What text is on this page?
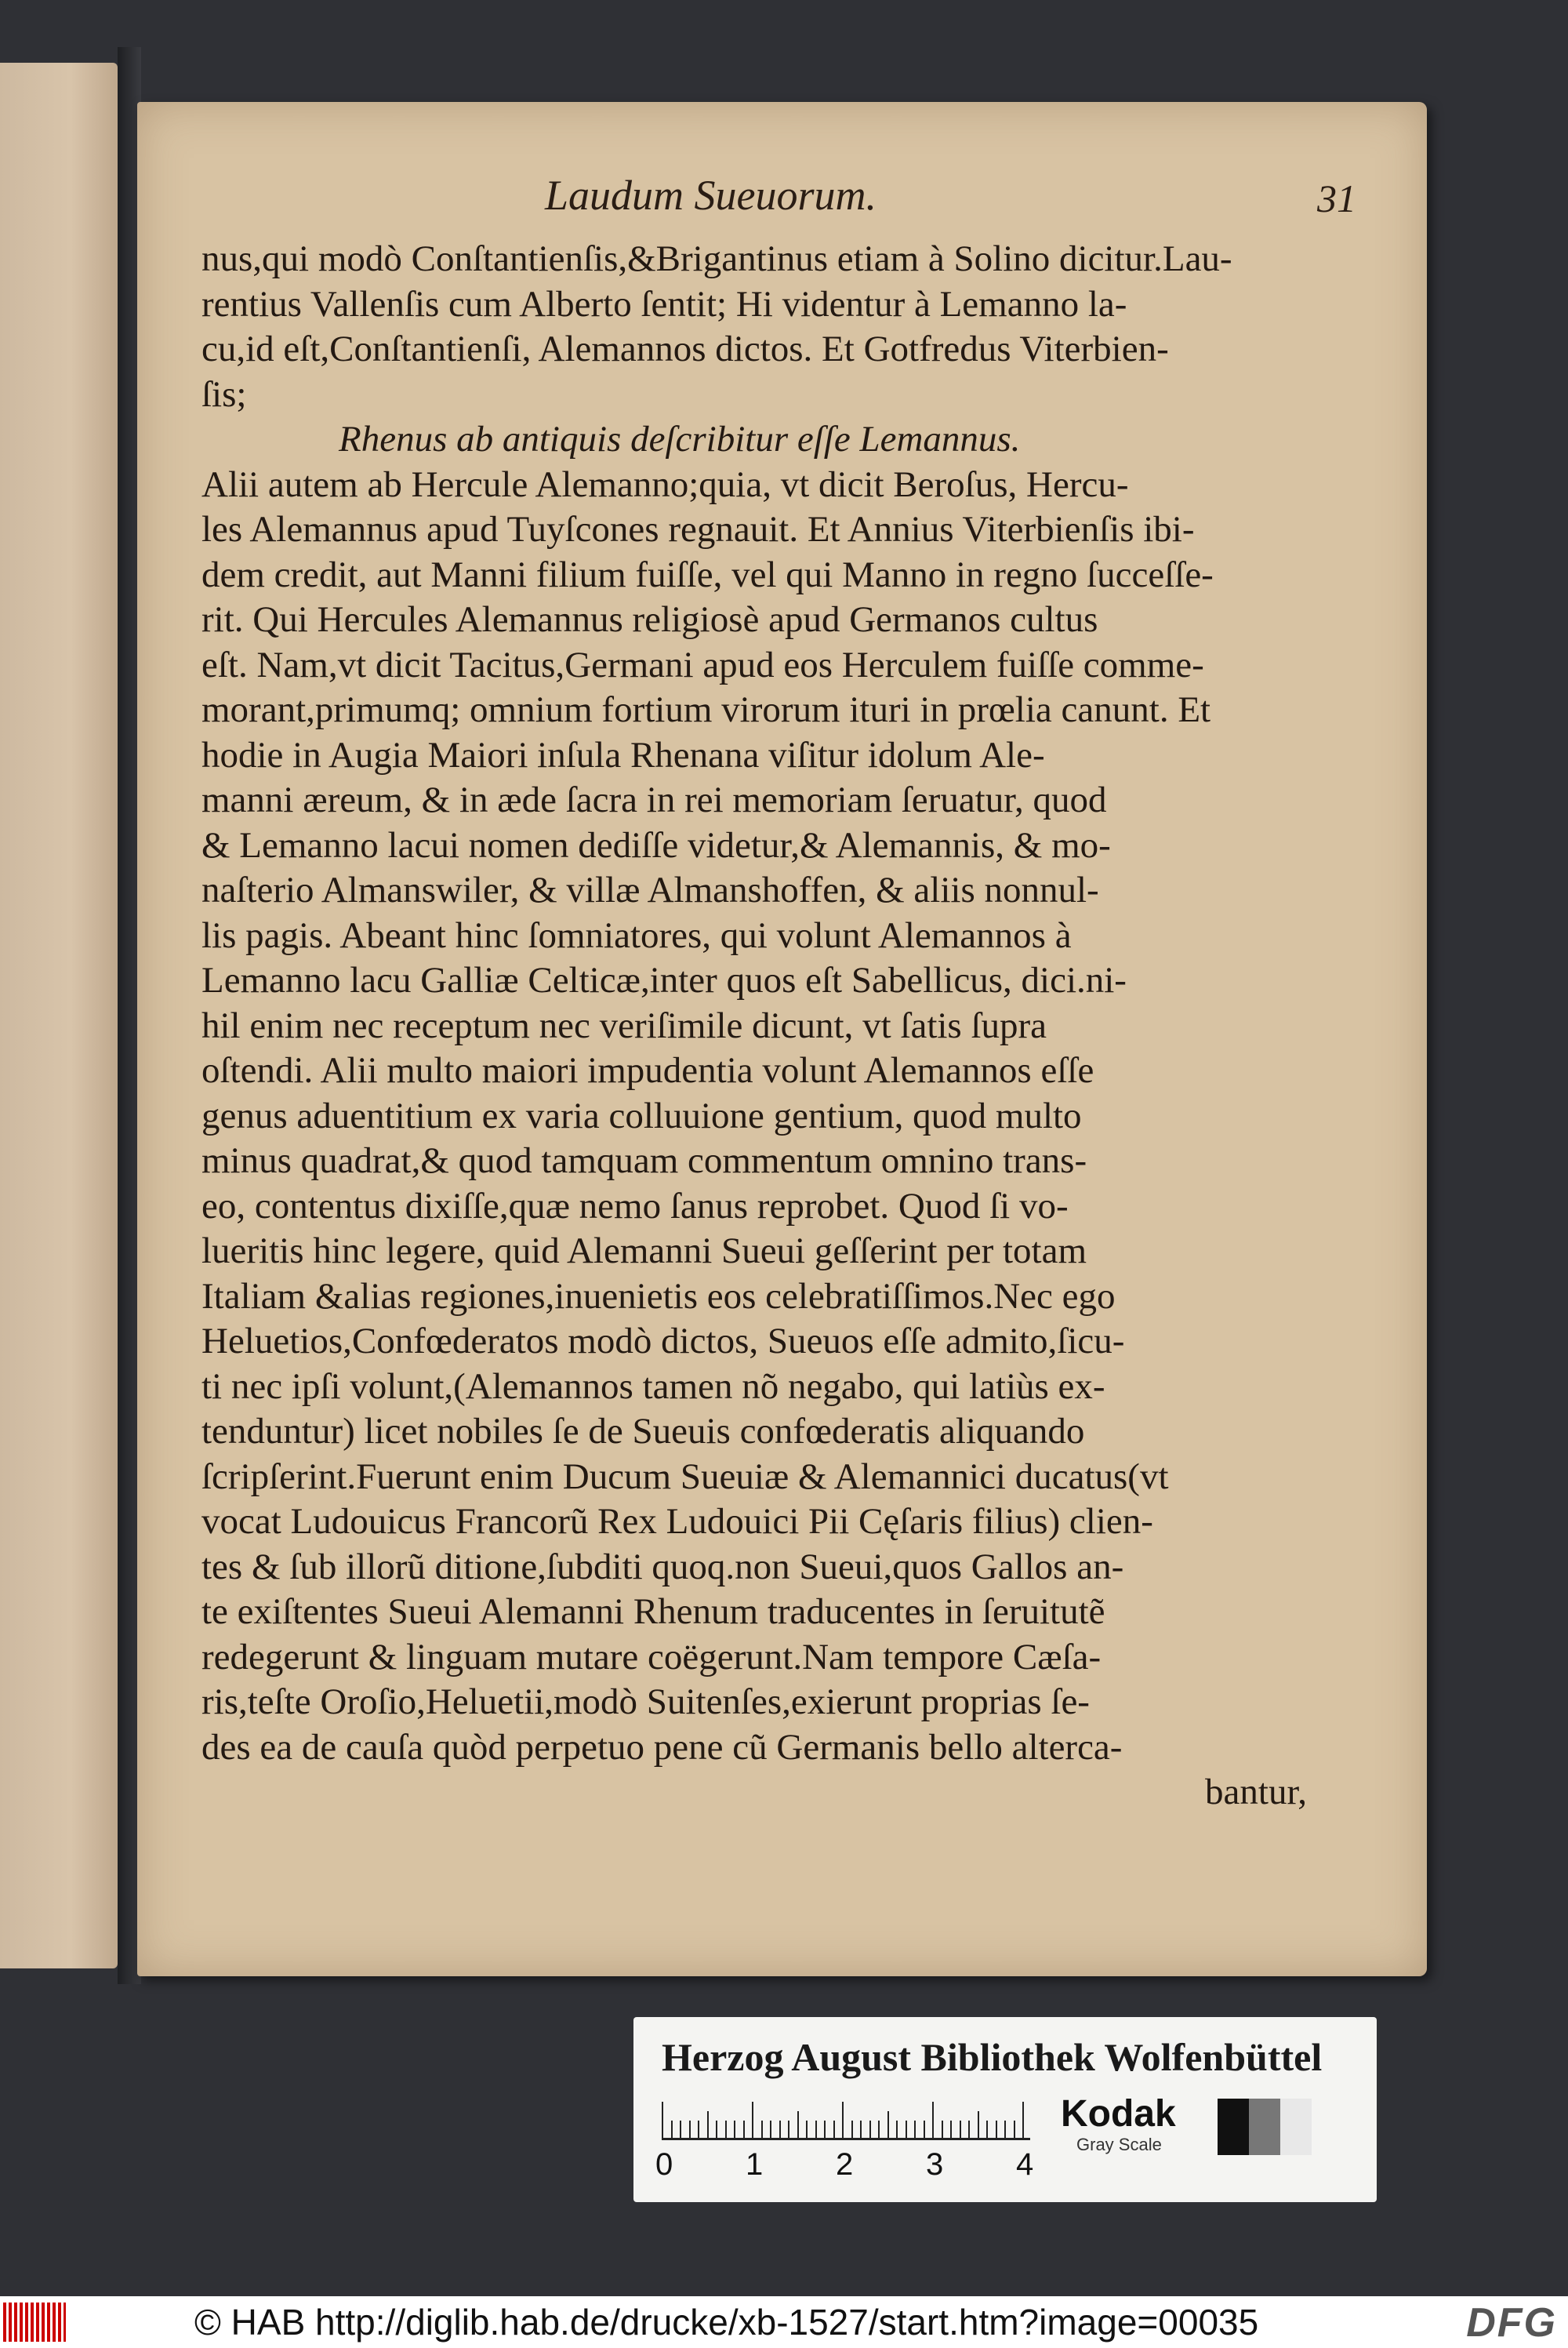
Laudum Sueuorum.	31
nus,qui modò Conſtantienſis,&Brigantinus etiam à Solino dicitur.Lau-
rentius Vallenſis cum Alberto ſentit; Hi videntur à Lemanno la-
cu,id eſt,Conſtantienſi, Alemannos dictos. Et Gotfredus Viterbien-
ſis;
Rhenus ab antiquis deſcribitur eſſe Lemannus.
Alii autem ab Hercule Alemanno;quia, vt dicit Beroſus, Hercu-
les Alemannus apud Tuyſcones regnauit. Et Annius Viterbienſis ibi-
dem credit, aut Manni filium fuiſſe, vel qui Manno in regno ſucceſſe-
rit. Qui Hercules Alemannus religiosè apud Germanos cultus
eſt. Nam,vt dicit Tacitus,Germani apud eos Herculem fuiſſe comme-
morant,primumq; omnium fortium virorum ituri in prœlia canunt. Et
hodie in Augia Maiori inſula Rhenana viſitur idolum Ale-
manni æreum, & in æde ſacra in rei memoriam ſeruatur, quod
& Lemanno lacui nomen dediſſe videtur,& Alemannis, & mo-
naſterio Almanswiler, & villæ Almanshoffen, & aliis nonnul-
lis pagis. Abeant hinc ſomniatores, qui volunt Alemannos à
Lemanno lacu Galliæ Celticæ,inter quos eſt Sabellicus, dici.ni-
hil enim nec receptum nec veriſimile dicunt, vt ſatis ſupra
oſtendi. Alii multo maiori impudentia volunt Alemannos eſſe
genus aduentitium ex varia colluuione gentium, quod multo
minus quadrat,& quod tamquam commentum omnino trans-
eo, contentus dixiſſe,quæ nemo ſanus reprobet. Quod ſi vo-
lueritis hinc legere, quid Alemanni Sueui geſſerint per totam
Italiam &alias regiones,inuenietis eos celebratiſſimos.Nec ego
Heluetios,Confœderatos modò dictos, Sueuos eſſe admito,ſicu-
ti nec ipſi volunt,(Alemannos tamen nõ negabo, qui latiùs ex-
tenduntur) licet nobiles ſe de Sueuis confœderatis aliquando
ſcripſerint.Fuerunt enim Ducum Sueuiæ & Alemannici ducatus(vt
vocat Ludouicus Francorũ Rex Ludouici Pii Cęſaris filius) clien-
tes & ſub illorũ ditione,ſubditi quoq.non Sueui,quos Gallos an-
te exiſtentes Sueui Alemanni Rhenum traducentes in ſeruitutẽ
redegerunt & linguam mutare coëgerunt.Nam tempore Cæſa-
ris,teſte Oroſio,Heluetii,modò Suitenſes,exierunt proprias ſe-
des ea de cauſa quòd perpetuo pene cũ Germanis bello alterca-
bantur,
Herzog August Bibliothek Wolfenbüttel
0 1 2 3 4
Kodak
Gray Scale
© HAB http://diglib.hab.de/drucke/xb-1527/start.htm?image=00035	DFG
